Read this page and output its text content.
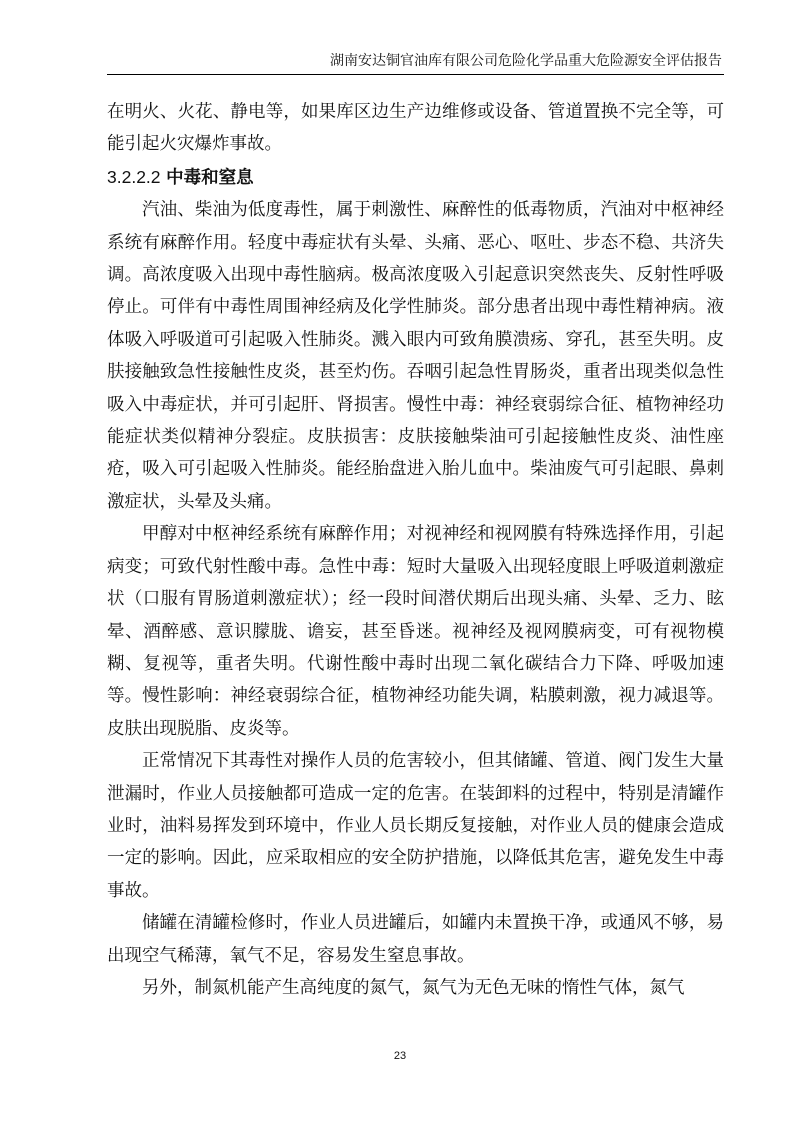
湖南安达铜官油库有限公司危险化学品重大危险源安全评估报告

在明火、火花、静电等，如果库区边生产边维修或设备、管道置换不完全等，可能引起火灾爆炸事故。

3.2.2.2 中毒和窒息

汽油、柴油为低度毒性，属于刺激性、麻醉性的低毒物质，汽油对中枢神经系统有麻醉作用。轻度中毒症状有头晕、头痛、恶心、呕吐、步态不稳、共济失调。高浓度吸入出现中毒性脑病。极高浓度吸入引起意识突然丧失、反射性呼吸停止。可伴有中毒性周围神经病及化学性肺炎。部分患者出现中毒性精神病。液体吸入呼吸道可引起吸入性肺炎。溅入眼内可致角膜溃疡、穿孔，甚至失明。皮肤接触致急性接触性皮炎，甚至灼伤。吞咽引起急性胃肠炎，重者出现类似急性吸入中毒症状，并可引起肝、肾损害。慢性中毒：神经衰弱综合征、植物神经功能症状类似精神分裂症。皮肤损害：皮肤接触柴油可引起接触性皮炎、油性座疮，吸入可引起吸入性肺炎。能经胎盘进入胎儿血中。柴油废气可引起眼、鼻刺激症状，头晕及头痛。

甲醇对中枢神经系统有麻醉作用；对视神经和视网膜有特殊选择作用，引起病变；可致代射性酸中毒。急性中毒：短时大量吸入出现轻度眼上呼吸道刺激症状（口服有胃肠道刺激症状）；经一段时间潜伏期后出现头痛、头晕、乏力、眩晕、酒醉感、意识朦胧、谵妄，甚至昏迷。视神经及视网膜病变，可有视物模糊、复视等，重者失明。代谢性酸中毒时出现二氧化碳结合力下降、呼吸加速等。慢性影响：神经衰弱综合征，植物神经功能失调，粘膜刺激，视力减退等。皮肤出现脱脂、皮炎等。

正常情况下其毒性对操作人员的危害较小，但其储罐、管道、阀门发生大量泄漏时，作业人员接触都可造成一定的危害。在装卸料的过程中，特别是清罐作业时，油料易挥发到环境中，作业人员长期反复接触，对作业人员的健康会造成一定的影响。因此，应采取相应的安全防护措施，以降低其危害，避免发生中毒事故。

储罐在清罐检修时，作业人员进罐后，如罐内未置换干净，或通风不够，易出现空气稀薄，氧气不足，容易发生窒息事故。

另外，制氮机能产生高纯度的氮气，氮气为无色无味的惰性气体，氮气

23
